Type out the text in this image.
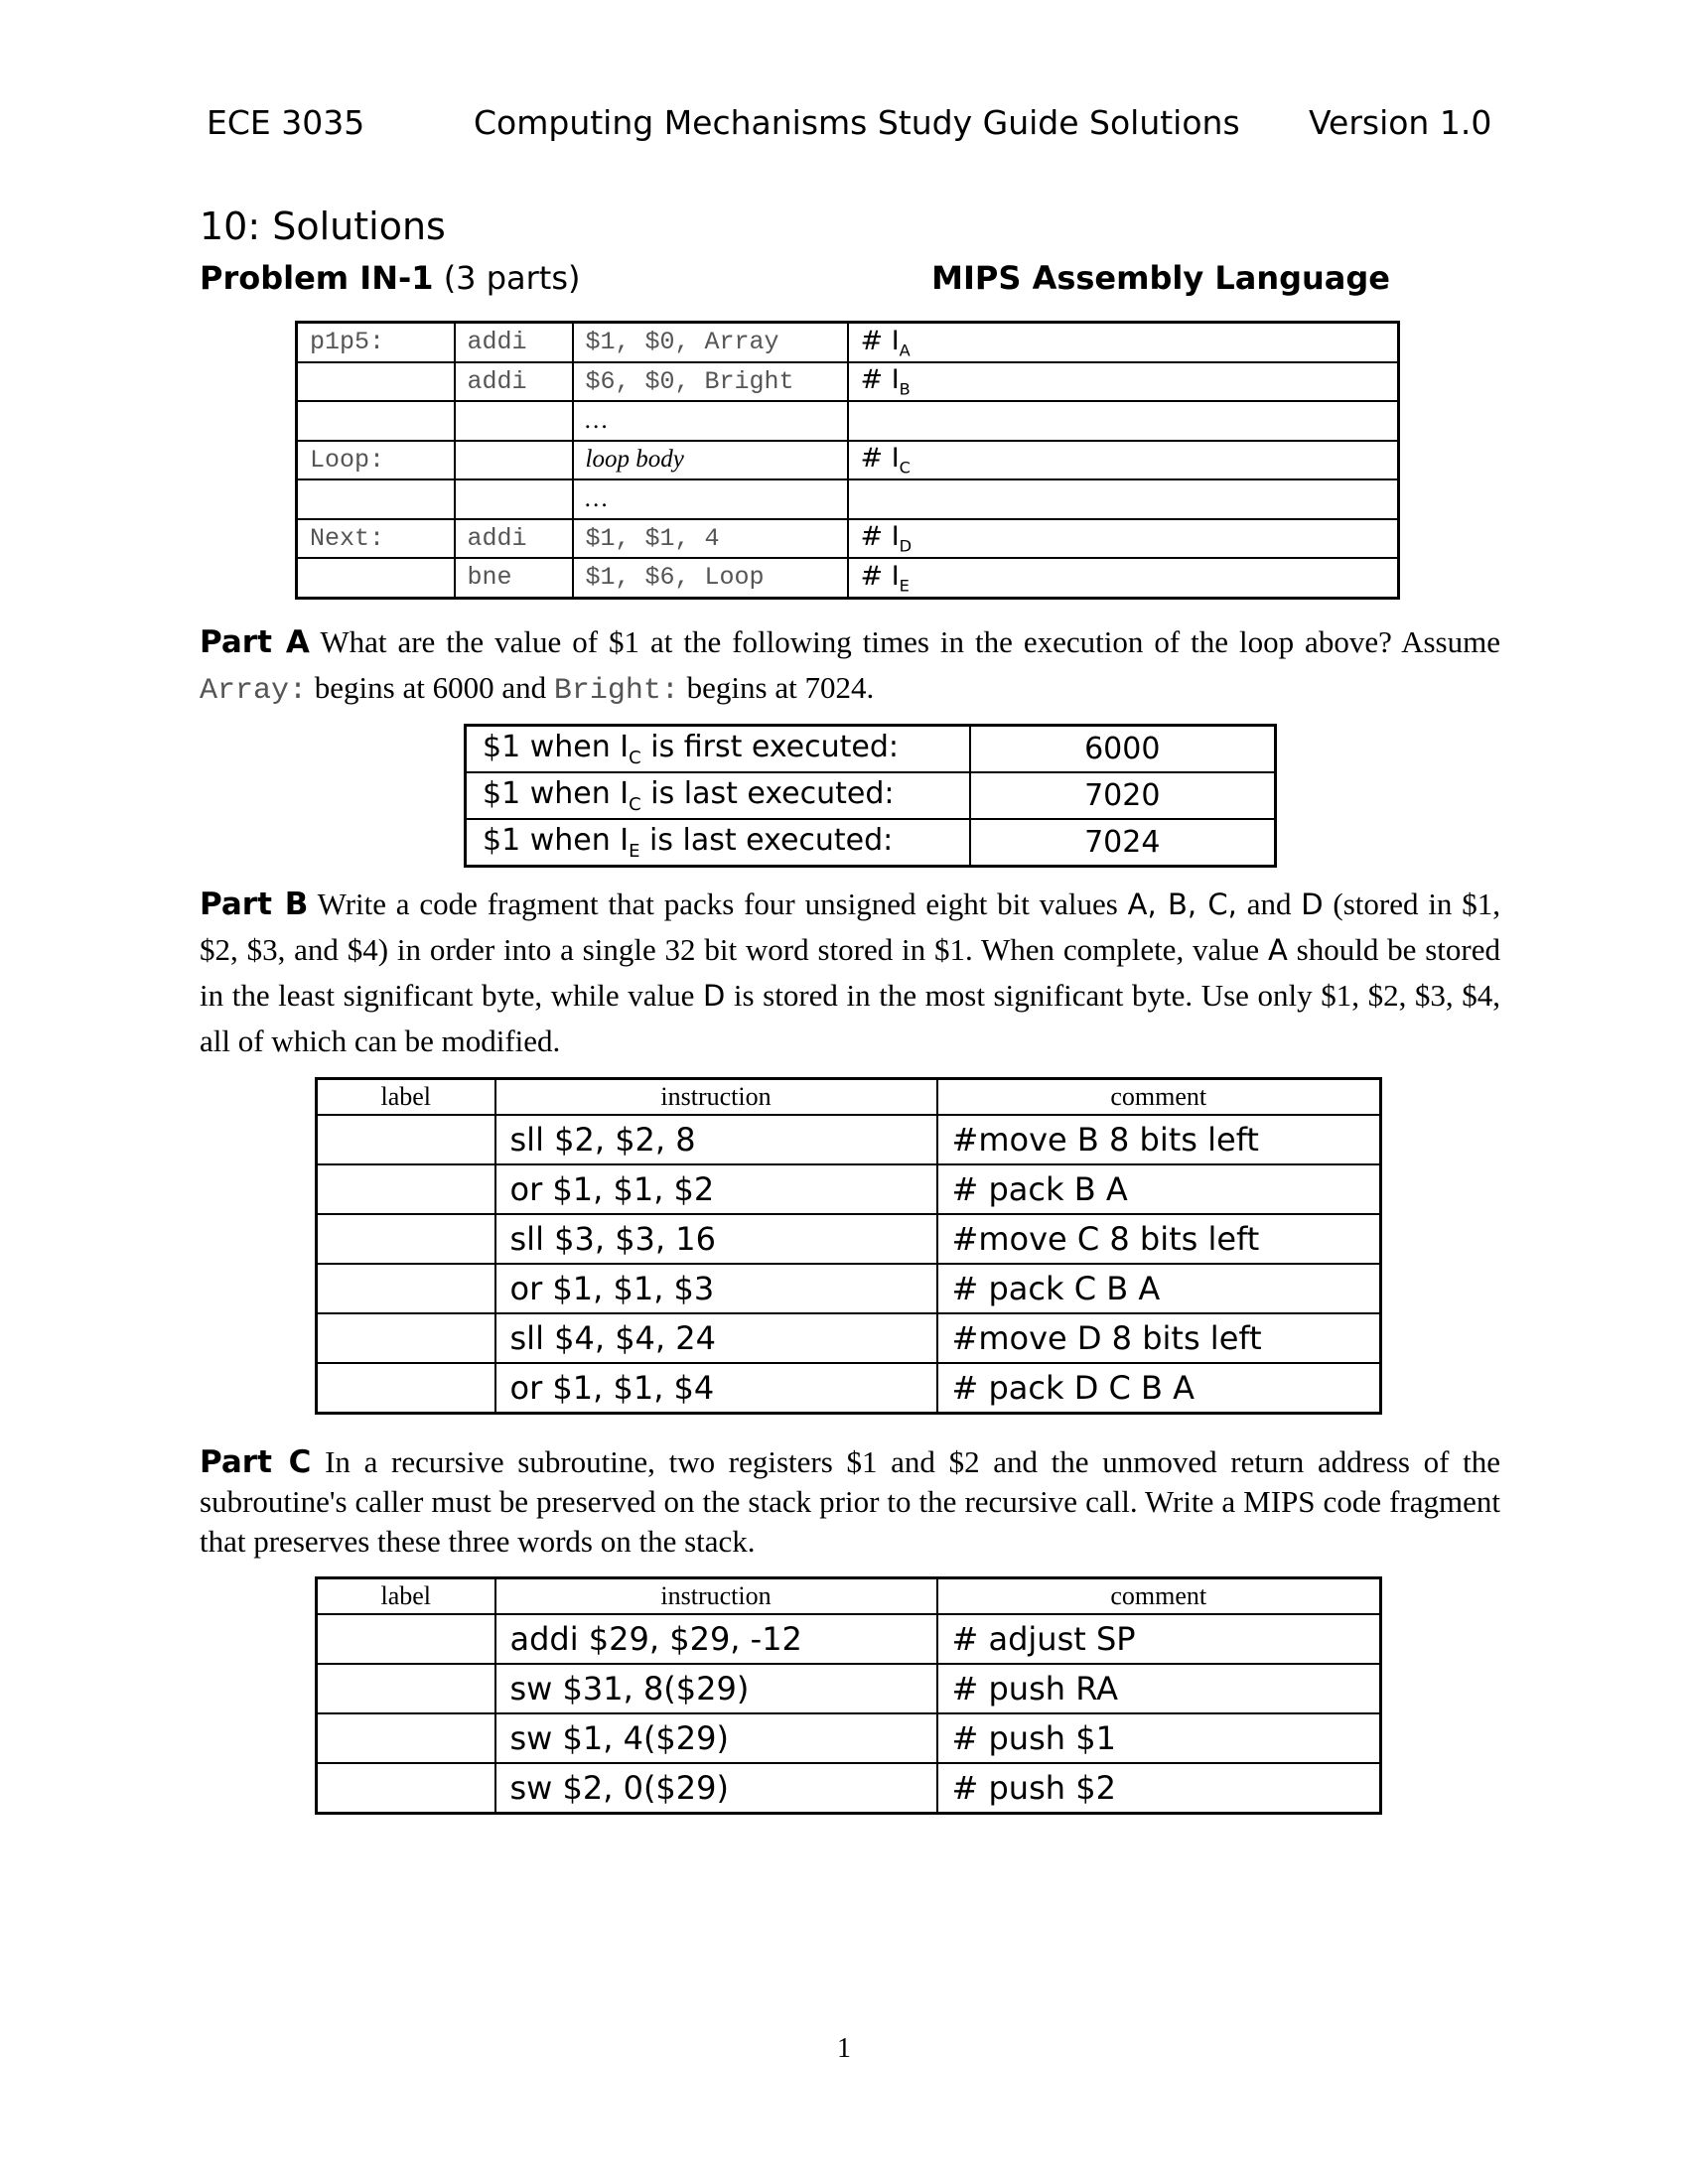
ECE 3035	Computing Mechanisms Study Guide Solutions Version 1.0
10: Solutions
Problem IN-1 (3 parts)	MIPS Assembly Language
p1p5:	addi	$1, $0, Array	# $I_A$
	addi	$6, $0, Bright	# $I_B$
		…	
Loop:		loop body	# $I_C$
		…	
Next:	addi	$1, $1, 4	# $I_D$
	bne	$1, $6, Loop	# $I_E$
Part A What are the value of $1 at the following times in the execution of the loop above? Assume Array: begins at 6000 and Bright: begins at 7024.
$1 when $I_C$ is first executed:	6000
$1 when $I_C$ is last executed:	7020
$1 when $I_E$ is last executed:	7024
Part B Write a code fragment that packs four unsigned eight bit values A, B, C, and D (stored in $1, $2, $3, and $4) in order into a single 32 bit word stored in $1. When complete, value A should be stored in the least significant byte, while value D is stored in the most significant byte. Use only $1, $2, $3, $4, all of which can be modified.
label	instruction	comment
	sll $2, $2, 8	#move B 8 bits left
	or $1, $1, $2	# pack B A
	sll $3, $3, 16	#move C 8 bits left
	or $1, $1, $3	# pack C B A
	sll $4, $4, 24	#move D 8 bits left
	or $1, $1, $4	# pack D C B A
Part C In a recursive subroutine, two registers $1 and $2 and the unmoved return address of the subroutine's caller must be preserved on the stack prior to the recursive call. Write a MIPS code fragment that preserves these three words on the stack.
label	instruction	comment
	addi $29, $29, -12	# adjust SP
	sw $31, 8($29)	# push RA
	sw $1, 4($29)	# push $1
	sw $2, 0($29)	# push $2
1
